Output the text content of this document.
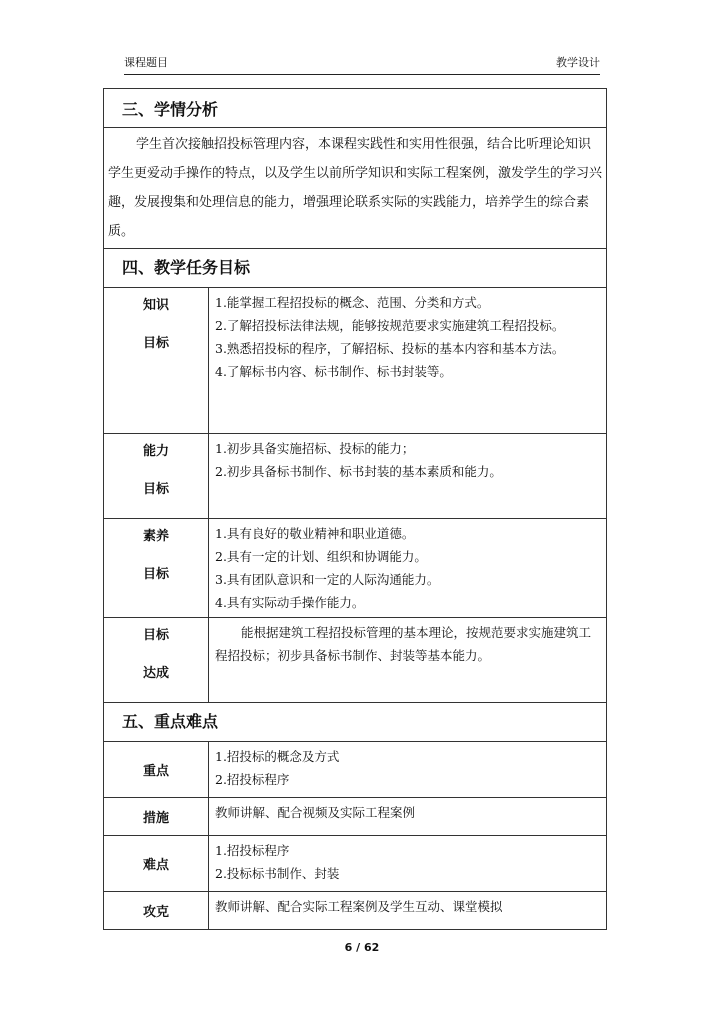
课程题目	教学设计
三、学情分析	
学生首次接触招投标管理内容，本课程实践性和实用性很强，结合比听理论知识学生更爱动手操作的特点，以及学生以前所学知识和实际工程案例，激发学生的学习兴趣，发展搜集和处理信息的能力，增强理论联系实际的实践能力，培养学生的综合素质。	
四、教学任务目标	

知识
目标	1.能掌握工程招投标的概念、范围、分类和方式。
2.了解招投标法律法规，能够按规范要求实施建筑工程招投标。
3.熟悉招投标的程序，了解招标、投标的基本内容和基本方法。
4.了解标书内容、标书制作、标书封装等。

能力
目标	1.初步具备实施招标、投标的能力；
2.初步具备标书制作、标书封装的基本素质和能力。

素养
目标	1.具有良好的敬业精神和职业道德。
2.具有一定的计划、组织和协调能力。
3.具有团队意识和一定的人际沟通能力。
4.具有实际动手操作能力。

目标
达成	能根据建筑工程招投标管理的基本理论，按规范要求实施建筑工程招投标；初步具备标书制作、封装等基本能力。

五、重点难点	
重点	1.招投标的概念及方式
2.招投标程序

措施	教师讲解、配合视频及实际工程案例

难点	1.招投标程序
2.投标标书制作、封装

攻克	教师讲解、配合实际工程案例及学生互动、课堂模拟
6 / 62
